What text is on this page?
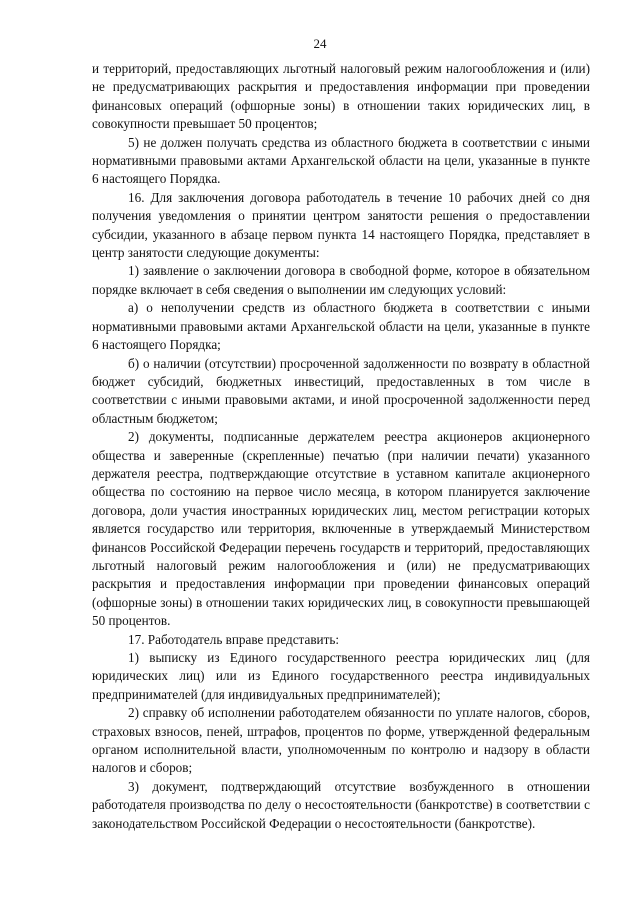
24

и территорий, предоставляющих льготный налоговый режим налогообложения и (или) не предусматривающих раскрытия и предоставления информации при проведении финансовых операций (офшорные зоны) в отношении таких юридических лиц, в совокупности превышает 50 процентов;

5) не должен получать средства из областного бюджета в соответствии с иными нормативными правовыми актами Архангельской области на цели, указанные в пункте 6 настоящего Порядка.

16. Для заключения договора работодатель в течение 10 рабочих дней со дня получения уведомления о принятии центром занятости решения о предоставлении субсидии, указанного в абзаце первом пункта 14 настоящего Порядка, представляет в центр занятости следующие документы:

1) заявление о заключении договора в свободной форме, которое в обязательном порядке включает в себя сведения о выполнении им следующих условий:

а) о неполучении средств из областного бюджета в соответствии с иными нормативными правовыми актами Архангельской области на цели, указанные в пункте 6 настоящего Порядка;

б) о наличии (отсутствии) просроченной задолженности по возврату в областной бюджет субсидий, бюджетных инвестиций, предоставленных в том числе в соответствии с иными правовыми актами, и иной просроченной задолженности перед областным бюджетом;

2) документы, подписанные держателем реестра акционеров акционерного общества и заверенные (скрепленные) печатью (при наличии печати) указанного держателя реестра, подтверждающие отсутствие в уставном капитале акционерного общества по состоянию на первое число месяца, в котором планируется заключение договора, доли участия иностранных юридических лиц, местом регистрации которых является государство или территория, включенные в утверждаемый Министерством финансов Российской Федерации перечень государств и территорий, предоставляющих льготный налоговый режим налогообложения и (или) не предусматривающих раскрытия и предоставления информации при проведении финансовых операций (офшорные зоны) в отношении таких юридических лиц, в совокупности превышающей 50 процентов.

17. Работодатель вправе представить:

1) выписку из Единого государственного реестра юридических лиц (для юридических лиц) или из Единого государственного реестра индивидуальных предпринимателей (для индивидуальных предпринимателей);

2) справку об исполнении работодателем обязанности по уплате налогов, сборов, страховых взносов, пеней, штрафов, процентов по форме, утвержденной федеральным органом исполнительной власти, уполномоченным по контролю и надзору в области налогов и сборов;

3) документ, подтверждающий отсутствие возбужденного в отношении работодателя производства по делу о несостоятельности (банкротстве) в соответствии с законодательством Российской Федерации о несостоятельности (банкротстве).
